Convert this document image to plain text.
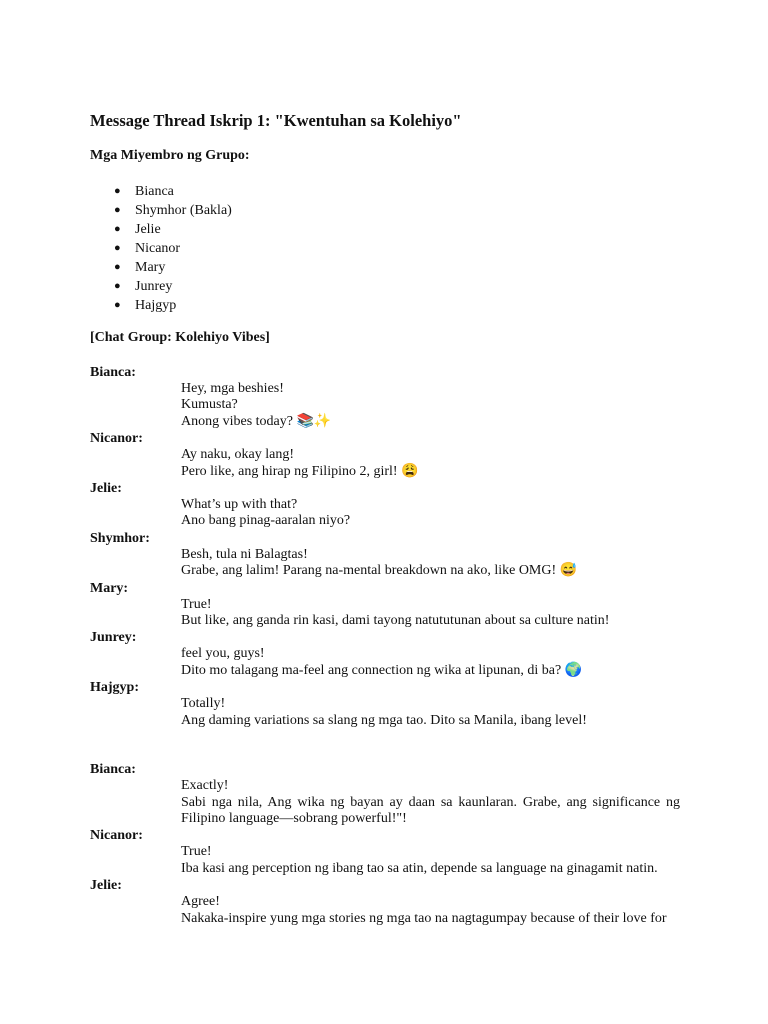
Message Thread Iskrip 1: "Kwentuhan sa Kolehiyo"
Mga Miyembro ng Grupo:
● Bianca
● Shymhor (Bakla)
● Jelie
● Nicanor
● Mary
● Junrey
● Hajgyp
[Chat Group: Kolehiyo Vibes]
Bianca:
Hey, mga beshies!
Kumusta?
Anong vibes today? 📚✨
Nicanor:
Ay naku, okay lang!
Pero like, ang hirap ng Filipino 2, girl! 😩
Jelie:
What’s up with that?
Ano bang pinag-aaralan niyo?
Shymhor:
Besh, tula ni Balagtas!
Grabe, ang lalim! Parang na-mental breakdown na ako, like OMG! 😅
Mary:
True!
But like, ang ganda rin kasi, dami tayong natututunan about sa culture natin!
Junrey:
feel you, guys!
Dito mo talagang ma-feel ang connection ng wika at lipunan, di ba? 🌍
Hajgyp:
Totally!
Ang daming variations sa slang ng mga tao. Dito sa Manila, ibang level!
Bianca:
Exactly!
Sabi nga nila, Ang wika ng bayan ay daan sa kaunlaran. Grabe, ang significance ng Filipino language—sobrang powerful!"!
Nicanor:
True!
Iba kasi ang perception ng ibang tao sa atin, depende sa language na ginagamit natin.
Jelie:
Agree!
Nakaka-inspire yung mga stories ng mga tao na nagtagumpay because of their love for
